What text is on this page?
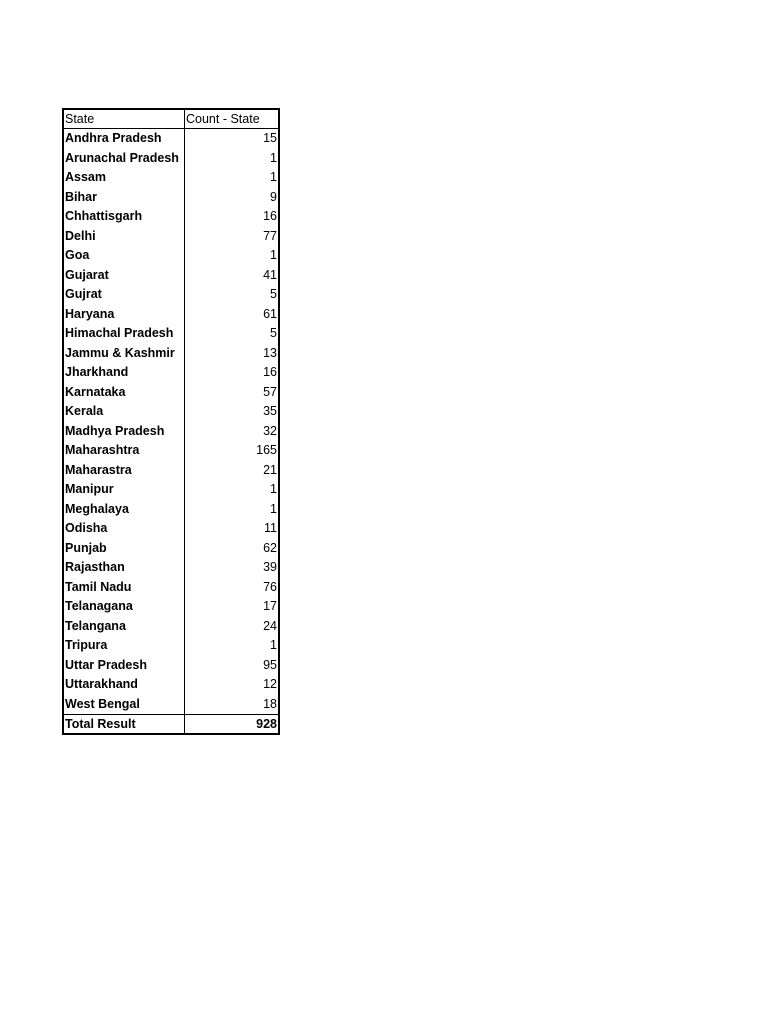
State	Count - State
Andhra Pradesh	15
Arunachal Pradesh	1
Assam	1
Bihar	9
Chhattisgarh	16
Delhi	77
Goa	1
Gujarat	41
Gujrat	5
Haryana	61
Himachal Pradesh	5
Jammu & Kashmir	13
Jharkhand	16
Karnataka	57
Kerala	35
Madhya Pradesh	32
Maharashtra	165
Maharastra	21
Manipur	1
Meghalaya	1
Odisha	11
Punjab	62
Rajasthan	39
Tamil Nadu	76
Telanagana	17
Telangana	24
Tripura	1
Uttar Pradesh	95
Uttarakhand	12
West Bengal	18
Total Result	928
